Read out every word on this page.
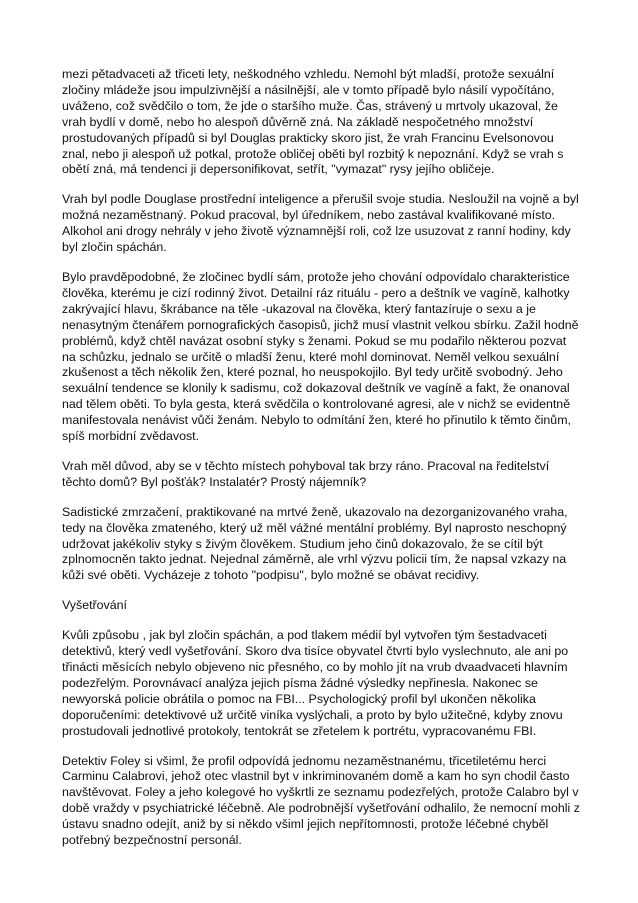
mezi pětadvaceti až třiceti lety, neškodného vzhledu. Nemohl být mladší, protože sexuální zločiny mládeže jsou impulzivnější a násilnější, ale v tomto případě bylo násilí vypočítáno, uváženo, což svědčilo o tom, že jde o staršího muže. Čas, strávený u mrtvoly ukazoval, že vrah bydlí v domě, nebo ho alespoň důvěrně zná. Na základě nespočetného množství prostudovaných případů si byl Douglas prakticky skoro jist, že vrah Francinu Evelsonovou znal, nebo ji alespoň už potkal, protože obličej oběti byl rozbitý k nepoznání. Když se vrah s obětí zná, má tendenci ji depersonifikovat, setřít, "vymazat" rysy jejího obličeje.

Vrah byl podle Douglase prostřední inteligence a přerušil svoje studia. Nesloužil na vojně a byl možná nezaměstnaný. Pokud pracoval, byl úředníkem, nebo zastával kvalifikované místo. Alkohol ani drogy nehrály v jeho životě významnější roli, což lze usuzovat z ranní hodiny, kdy byl zločin spáchán.

Bylo pravděpodobné, že zločinec bydlí sám, protože jeho chování odpovídalo charakteristice člověka, kterému je cizí rodinný život. Detailní ráz rituálu - pero a deštník ve vagíně, kalhotky zakrývající hlavu, škrábance na těle -ukazoval na člověka, který fantazíruje o sexu a je nenasytným čtenářem pornografických časopisů, jichž musí vlastnit velkou sbírku. Zažil hodně problémů, když chtěl navázat osobní styky s ženami. Pokud se mu podařilo některou pozvat na schůzku, jednalo se určitě o mladší ženu, které mohl dominovat. Neměl velkou sexuální zkušenost a těch několik žen, které poznal, ho neuspokojilo. Byl tedy určitě svobodný. Jeho sexuální tendence se klonily k sadismu, což dokazoval deštník ve vagíně a fakt, že onanoval nad tělem oběti. To byla gesta, která svědčila o kontrolované agresi, ale v nichž se evidentně manifestovala nenávist vůči ženám. Nebylo to odmítání žen, které ho přinutilo k těmto činům, spíš morbidní zvědavost.

Vrah měl důvod, aby se v těchto místech pohyboval tak brzy ráno. Pracoval na ředitelství těchto domů? Byl pošťák? Instalatér? Prostý nájemník?

Sadistické zmrzačení, praktikované na mrtvé ženě, ukazovalo na dezorganizovaného vraha, tedy na člověka zmateného, který už měl vážné mentální problémy. Byl naprosto neschopný udržovat jakékoliv styky s živým člověkem. Studium jeho činů dokazovalo, že se cítil být zplnomocněn takto jednat. Nejednal záměrně, ale vrhl výzvu policii tím, že napsal vzkazy na kůži své oběti. Vycházeje z tohoto "podpisu", bylo možné se obávat recidivy.

Vyšetřování

Kvůli způsobu , jak byl zločin spáchán, a pod tlakem médií byl vytvořen tým šestadvaceti detektivů, který vedl vyšetřování. Skoro dva tisíce obyvatel čtvrti bylo vyslechnuto, ale ani po třinácti měsících nebylo objeveno nic přesného, co by mohlo jít na vrub dvaadvaceti hlavním podezřelým. Porovnávací analýza jejich písma žádné výsledky nepřinesla. Nakonec se newyorská policie obrátila o pomoc na FBI... Psychologický profil byl ukončen několika doporučeními: detektivové už určitě viníka vyslýchali, a proto by bylo užitečné, kdyby znovu prostudovali jednotlivé protokoly, tentokrát se zřetelem k portrétu, vypracovanému FBI.

Detektiv Foley si všiml, že profil odpovídá jednomu nezaměstnanému, třicetiletému herci Carminu Calabrovi, jehož otec vlastnil byt v inkriminovaném domě a kam ho syn chodil často navštěvovat. Foley a jeho kolegové ho vyškrtli ze seznamu podezřelých, protože Calabro byl v době vraždy v psychiatrické léčebně. Ale podrobnější vyšetřování odhalilo, že nemocní mohli z ústavu snadno odejít, aniž by si někdo všiml jejich nepřítomnosti, protože léčebné chyběl potřebný bezpečnostní personál.
